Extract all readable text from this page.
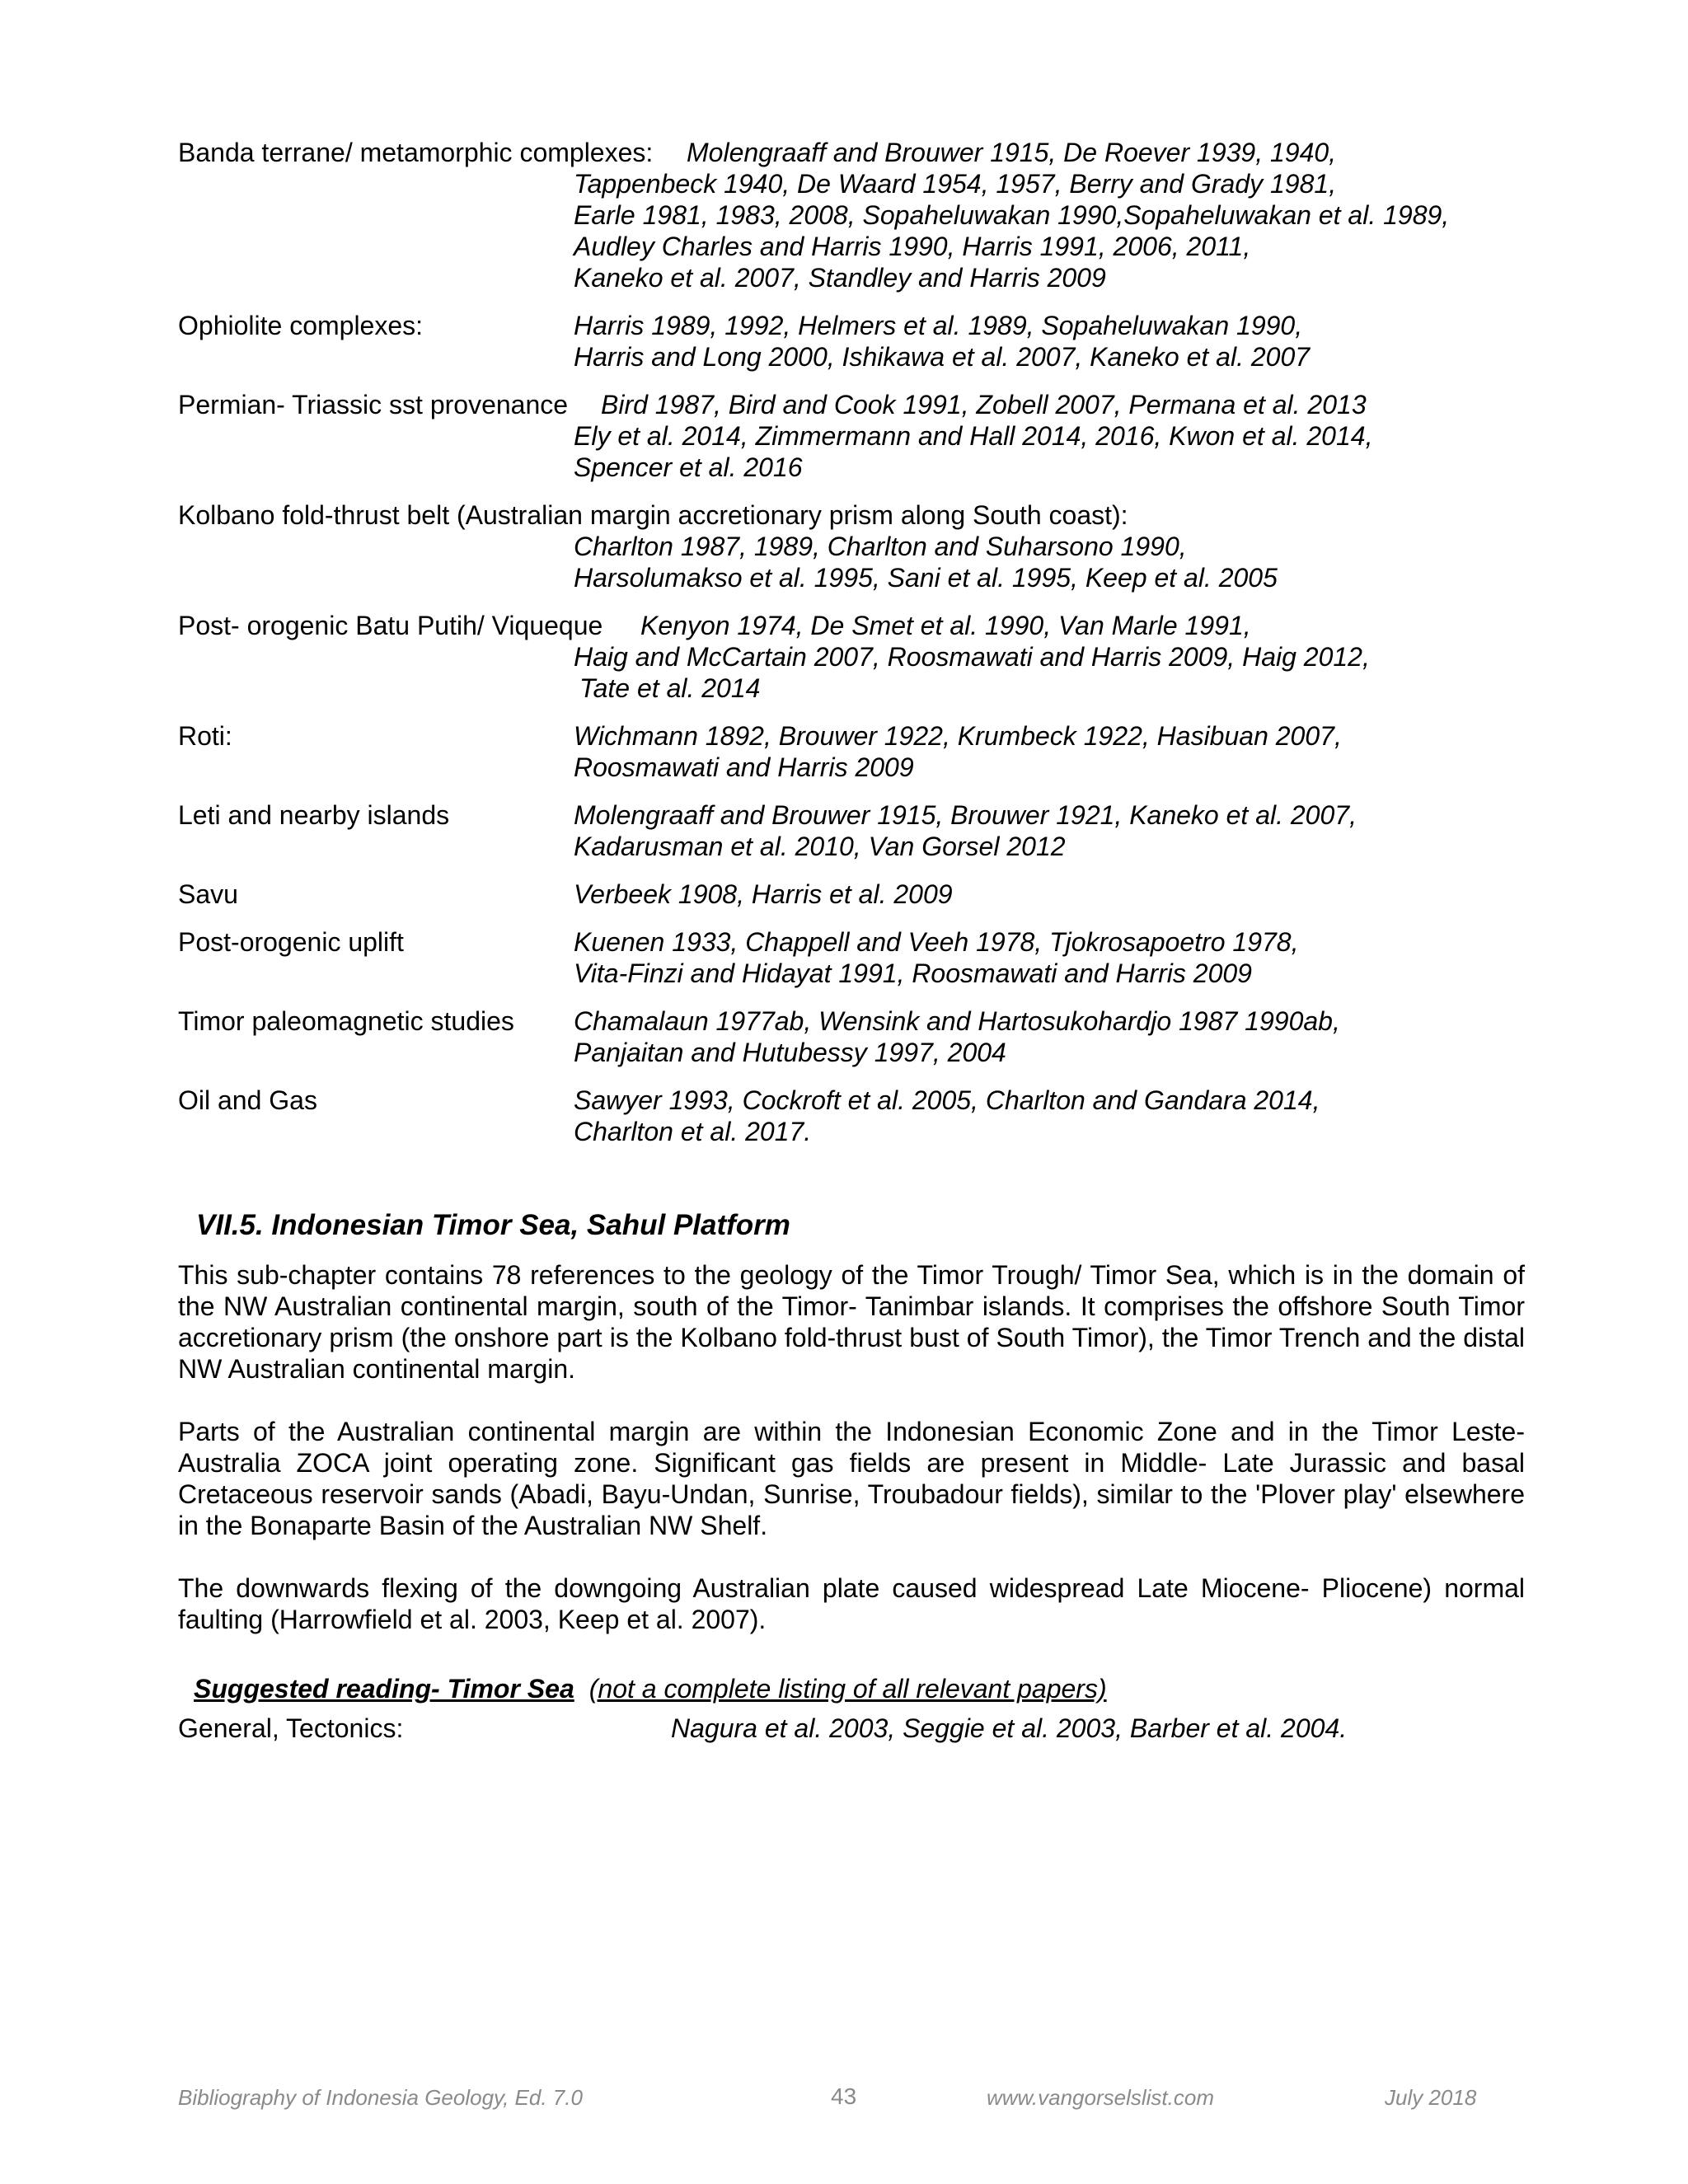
Banda terrane/ metamorphic complexes: Molengraaff and Brouwer 1915, De Roever 1939, 1940,
Tappenbeck 1940, De Waard 1954, 1957, Berry and Grady 1981,
Earle 1981, 1983, 2008, Sopaheluwakan 1990,Sopaheluwakan et al. 1989,
Audley Charles and Harris 1990, Harris 1991, 2006, 2011,
Kaneko et al. 2007, Standley and Harris 2009
Ophiolite complexes:	Harris 1989, 1992, Helmers et al. 1989, Sopaheluwakan 1990,
Harris and Long 2000, Ishikawa et al. 2007, Kaneko et al. 2007
Permian- Triassic sst provenance Bird 1987, Bird and Cook 1991, Zobell 2007, Permana et al. 2013
Ely et al. 2014, Zimmermann and Hall 2014, 2016, Kwon et al. 2014,
Spencer et al. 2016
Kolbano fold-thrust belt (Australian margin accretionary prism along South coast):
Charlton 1987, 1989, Charlton and Suharsono 1990,
Harsolumakso et al. 1995, Sani et al. 1995, Keep et al. 2005
Post- orogenic Batu Putih/ Viqueque Kenyon 1974, De Smet et al. 1990, Van Marle 1991,
Haig and McCartain 2007, Roosmawati and Harris 2009, Haig 2012,
Tate et al. 2014
Roti:	Wichmann 1892, Brouwer 1922, Krumbeck 1922, Hasibuan 2007,
Roosmawati and Harris 2009
Leti and nearby islands	Molengraaff and Brouwer 1915, Brouwer 1921, Kaneko et al. 2007,
Kadarusman et al. 2010, Van Gorsel 2012
Savu	Verbeek 1908, Harris et al. 2009
Post-orogenic uplift	Kuenen 1933, Chappell and Veeh 1978, Tjokrosapoetro 1978,
Vita-Finzi and Hidayat 1991, Roosmawati and Harris 2009
Timor paleomagnetic studies Chamalaun 1977ab, Wensink and Hartosukohardjo 1987 1990ab,
Panjaitan and Hutubessy 1997, 2004
Oil and Gas	Sawyer 1993, Cockroft et al. 2005, Charlton and Gandara 2014,
Charlton et al. 2017.
VII.5. Indonesian Timor Sea, Sahul Platform

This sub-chapter contains 78 references to the geology of the Timor Trough/ Timor Sea, which is in the domain of the NW Australian continental margin, south of the Timor- Tanimbar islands. It comprises the offshore South Timor accretionary prism (the onshore part is the Kolbano fold-thrust bust of South Timor), the Timor Trench and the distal NW Australian continental margin.

Parts of the Australian continental margin are within the Indonesian Economic Zone and in the Timor Leste- Australia ZOCA joint operating zone. Significant gas fields are present in Middle- Late Jurassic and basal Cretaceous reservoir sands (Abadi, Bayu-Undan, Sunrise, Troubadour fields), similar to the 'Plover play' elsewhere in the Bonaparte Basin of the Australian NW Shelf.

The downwards flexing of the downgoing Australian plate caused widespread Late Miocene- Pliocene) normal faulting (Harrowfield et al. 2003, Keep et al. 2007).

Suggested reading- Timor Sea (not a complete listing of all relevant papers)
General, Tectonics:	Nagura et al. 2003, Seggie et al. 2003, Barber et al. 2004.
Bibliography of Indonesia Geology, Ed. 7.0	43	www.vangorselslist.com	July 2018
